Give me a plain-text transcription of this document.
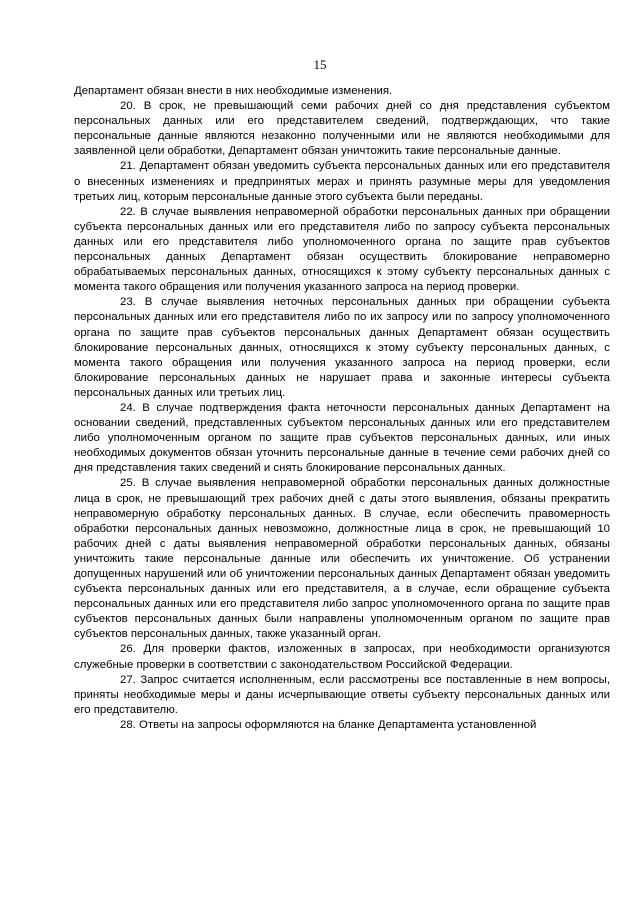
15

Департамент обязан внести в них необходимые изменения.

20. В срок, не превышающий семи рабочих дней со дня представления субъектом персональных данных или его представителем сведений, подтверждающих, что такие персональные данные являются незаконно полученными или не являются необходимыми для заявленной цели обработки, Департамент обязан уничтожить такие персональные данные.

21. Департамент обязан уведомить субъекта персональных данных или его представителя о внесенных изменениях и предпринятых мерах и принять разумные меры для уведомления третьих лиц, которым персональные данные этого субъекта были переданы.

22. В случае выявления неправомерной обработки персональных данных при обращении субъекта персональных данных или его представителя либо по запросу субъекта персональных данных или его представителя либо уполномоченного органа по защите прав субъектов персональных данных Департамент обязан осуществить блокирование неправомерно обрабатываемых персональных данных, относящихся к этому субъекту персональных данных с момента такого обращения или получения указанного запроса на период проверки.

23. В случае выявления неточных персональных данных при обращении субъекта персональных данных или его представителя либо по их запросу или по запросу уполномоченного органа по защите прав субъектов персональных данных Департамент обязан осуществить блокирование персональных данных, относящихся к этому субъекту персональных данных, с момента такого обращения или получения указанного запроса на период проверки, если блокирование персональных данных не нарушает права и законные интересы субъекта персональных данных или третьих лиц.

24. В случае подтверждения факта неточности персональных данных Департамент на основании сведений, представленных субъектом персональных данных или его представителем либо уполномоченным органом по защите прав субъектов персональных данных, или иных необходимых документов обязан уточнить персональные данные в течение семи рабочих дней со дня представления таких сведений и снять блокирование персональных данных.

25. В случае выявления неправомерной обработки персональных данных должностные лица в срок, не превышающий трех рабочих дней с даты этого выявления, обязаны прекратить неправомерную обработку персональных данных. В случае, если обеспечить правомерность обработки персональных данных невозможно, должностные лица в срок, не превышающий 10 рабочих дней с даты выявления неправомерной обработки персональных данных, обязаны уничтожить такие персональные данные или обеспечить их уничтожение. Об устранении допущенных нарушений или об уничтожении персональных данных Департамент обязан уведомить субъекта персональных данных или его представителя, а в случае, если обращение субъекта персональных данных или его представителя либо запрос уполномоченного органа по защите прав субъектов персональных данных были направлены уполномоченным органом по защите прав субъектов персональных данных, также указанный орган.

26. Для проверки фактов, изложенных в запросах, при необходимости организуются служебные проверки в соответствии с законодательством Российской Федерации.

27. Запрос считается исполненным, если рассмотрены все поставленные в нем вопросы, приняты необходимые меры и даны исчерпывающие ответы субъекту персональных данных или его представителю.

28. Ответы на запросы оформляются на бланке Департамента установленной
